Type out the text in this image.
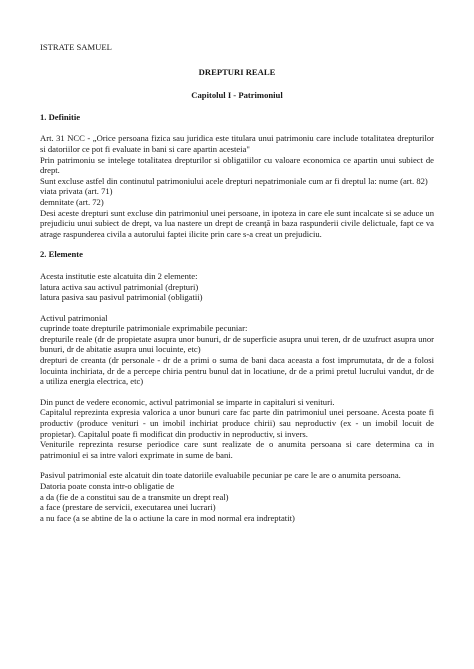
ISTRATE SAMUEL
DREPTURI REALE
Capitolul I - Patrimoniul
1. Definitie

Art. 31 NCC - „Orice persoana fizica sau juridica este titulara unui patrimoniu care include totalitatea drepturilor si datoriilor ce pot fi evaluate in bani si care apartin acesteia"

Prin patrimoniu se intelege totalitatea drepturilor si obligatiilor cu valoare economica ce apartin unui subiect de drept.

Sunt excluse astfel din continutul patrimoniului acele drepturi nepatrimoniale cum ar fi dreptul la: nume (art. 82)

viata privata (art. 71)

demnitate (art. 72)

Desi aceste drepturi sunt excluse din patrimoniul unei persoane, in ipoteza in care ele sunt incalcate si se aduce un prejudiciu unui subiect de drept, va lua nastere un drept de creanţă in baza raspunderii civile delictuale, fapt ce va atrage raspunderea civila a autorului faptei ilicite prin care s-a creat un prejudiciu.

2. Elemente

Acesta institutie este alcatuita din 2 elemente:

latura activa sau activul patrimonial (drepturi)

latura pasiva sau pasivul patrimonial (obligatii)

Activul patrimonial

cuprinde toate drepturile patrimoniale exprimabile pecuniar:

drepturile reale (dr de propietate asupra unor bunuri, dr de superficie asupra unui teren, dr de uzufruct asupra unor bunuri, dr de abitatie asupra unui locuinte, etc)

drepturi de creanta (dr personale - dr de a primi o suma de bani daca aceasta a fost imprumutata, dr de a folosi locuinta inchiriata, dr de a percepe chiria pentru bunul dat in locatiune, dr de a primi pretul lucrului vandut, dr de a utiliza energia electrica, etc)

Din punct de vedere economic, activul patrimonial se imparte in capitaluri si venituri.

Capitalul reprezinta expresia valorica a unor bunuri care fac parte din patrimoniul unei persoane. Acesta poate fi productiv (produce venituri - un imobil inchiriat produce chirii) sau neproductiv (ex - un imobil locuit de propietar). Capitalul poate fi modificat din productiv in neproductiv, si invers.

Veniturile reprezinta resurse periodice care sunt realizate de o anumita persoana si care determina ca in patrimoniul ei sa intre valori exprimate in sume de bani.

Pasivul patrimonial este alcatuit din toate datoriile evaluabile pecuniar pe care le are o anumita persoana.

Datoria poate consta intr-o obligatie de

a da (fie de a constitui sau de a transmite un drept real)

a face (prestare de servicii, executarea unei lucrari)

a nu face (a se abtine de la o actiune la care in mod normal era indreptatit)
